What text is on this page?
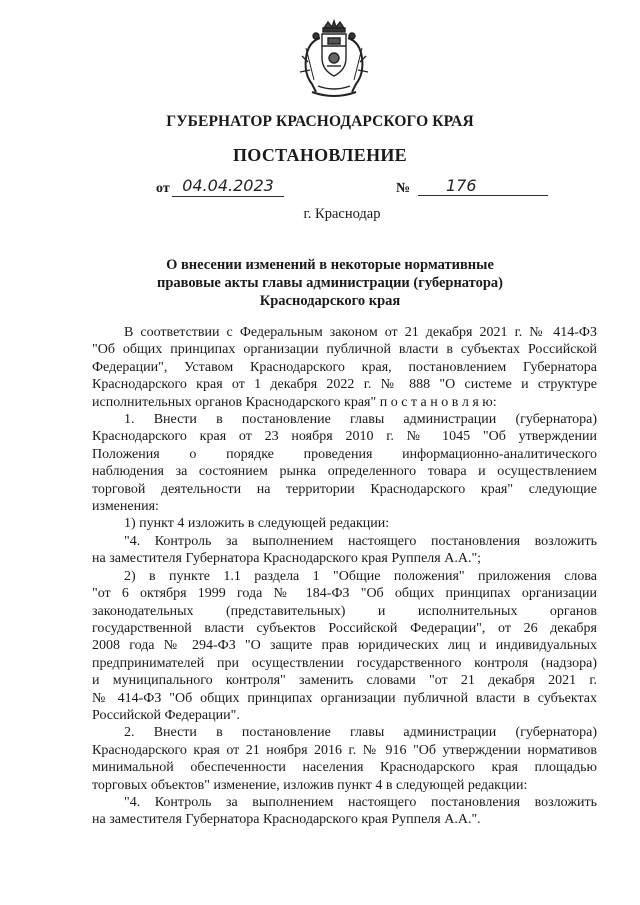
ГУБЕРНАТОР КРАСНОДАРСКОГО КРАЯ
ПОСТАНОВЛЕНИЕ
от 04.04.2023	№	176
г. Краснодар
О внесении изменений в некоторые нормативные
правовые акты главы администрации (губернатора)
Краснодарского края
В соответствии с Федеральным законом от 21 декабря 2021 г. № 414-ФЗ
"Об общих принципах организации публичной власти в субъектах Российской
Федерации", Уставом Краснодарского края, постановлением Губернатора
Краснодарского края от 1 декабря 2022 г. № 888 "О системе и структуре
исполнительных органов Краснодарского края" п о с т а н о в л я ю:
1. Внести в постановление главы администрации (губернатора)
Краснодарского края от 23 ноября 2010 г. № 1045 "Об утверждении
Положения о порядке проведения информационно-аналитического
наблюдения за состоянием рынка определенного товара и осуществлением
торговой деятельности на территории Краснодарского края" следующие
изменения:
1) пункт 4 изложить в следующей редакции:
"4. Контроль за выполнением настоящего постановления возложить
на заместителя Губернатора Краснодарского края Руппеля А.А.";
2) в пункте 1.1 раздела 1 "Общие положения" приложения слова
"от 6 октября 1999 года № 184-ФЗ "Об общих принципах организации
законодательных (представительных) и исполнительных органов
государственной власти субъектов Российской Федерации", от 26 декабря
2008 года № 294-ФЗ "О защите прав юридических лиц и индивидуальных
предпринимателей при осуществлении государственного контроля (надзора)
и муниципального контроля" заменить словами "от 21 декабря 2021 г.
№ 414-ФЗ "Об общих принципах организации публичной власти в субъектах
Российской Федерации".
2. Внести в постановление главы администрации (губернатора)
Краснодарского края от 21 ноября 2016 г. № 916 "Об утверждении нормативов
минимальной обеспеченности населения Краснодарского края площадью
торговых объектов" изменение, изложив пункт 4 в следующей редакции:
"4. Контроль за выполнением настоящего постановления возложить
на заместителя Губернатора Краснодарского края Руппеля А.А.".
